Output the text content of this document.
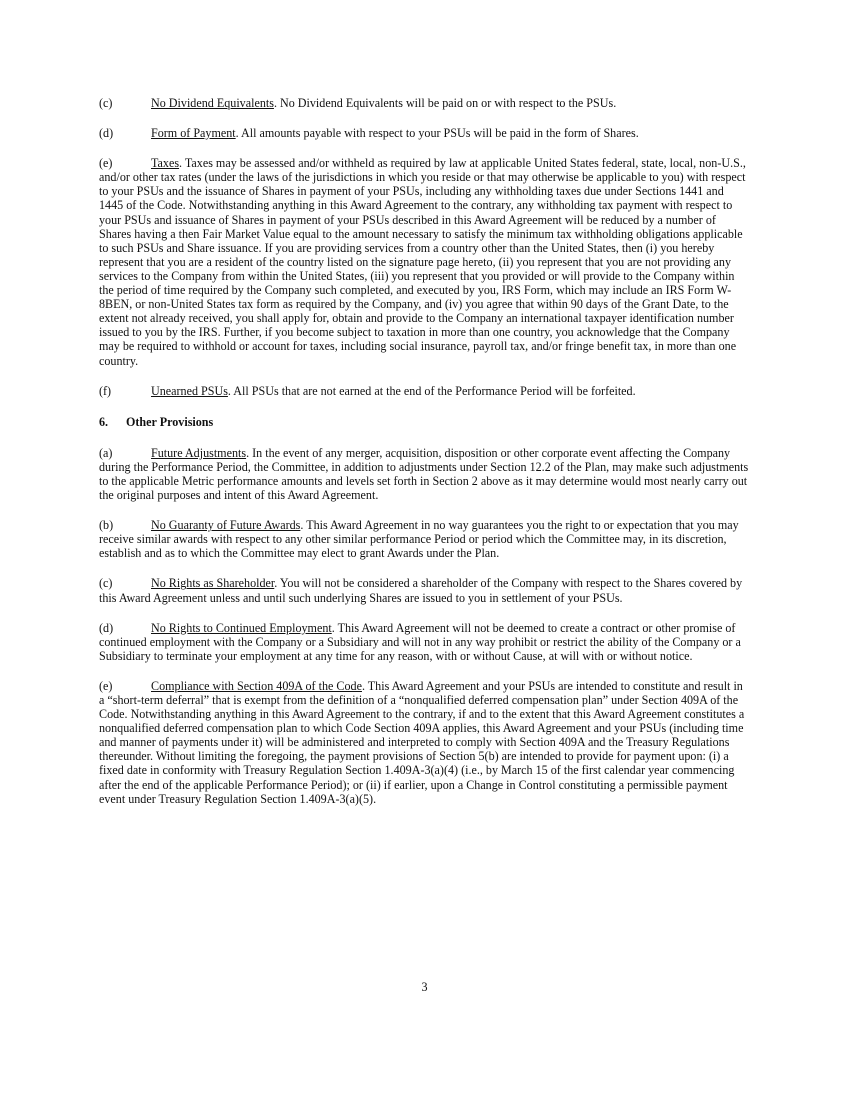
(c)	No Dividend Equivalents. No Dividend Equivalents will be paid on or with respect to the PSUs.

(d)	Form of Payment. All amounts payable with respect to your PSUs will be paid in the form of Shares.

(e)	Taxes. Taxes may be assessed and/or withheld as required by law at applicable United States federal, state, local, non-U.S., and/or other tax rates (under the laws of the jurisdictions in which you reside or that may otherwise be applicable to you) with respect to your PSUs and the issuance of Shares in payment of your PSUs, including any withholding taxes due under Sections 1441 and 1445 of the Code. Notwithstanding anything in this Award Agreement to the contrary, any withholding tax payment with respect to your PSUs and issuance of Shares in payment of your PSUs described in this Award Agreement will be reduced by a number of Shares having a then Fair Market Value equal to the amount necessary to satisfy the minimum tax withholding obligations applicable to such PSUs and Share issuance. If you are providing services from a country other than the United States, then (i) you hereby represent that you are a resident of the country listed on the signature page hereto, (ii) you represent that you are not providing any services to the Company from within the United States, (iii) you represent that you provided or will provide to the Company within the period of time required by the Company such completed, and executed by you, IRS Form, which may include an IRS Form W-8BEN, or non-United States tax form as required by the Company, and (iv) you agree that within 90 days of the Grant Date, to the extent not already received, you shall apply for, obtain and provide to the Company an international taxpayer identification number issued to you by the IRS. Further, if you become subject to taxation in more than one country, you acknowledge that the Company may be required to withhold or account for taxes, including social insurance, payroll tax, and/or fringe benefit tax, in more than one country.

(f)	Unearned PSUs. All PSUs that are not earned at the end of the Performance Period will be forfeited.

6. Other Provisions

(a)	Future Adjustments. In the event of any merger, acquisition, disposition or other corporate event affecting the Company during the Performance Period, the Committee, in addition to adjustments under Section 12.2 of the Plan, may make such adjustments to the applicable Metric performance amounts and levels set forth in Section 2 above as it may determine would most nearly carry out the original purposes and intent of this Award Agreement.

(b)	No Guaranty of Future Awards. This Award Agreement in no way guarantees you the right to or expectation that you may receive similar awards with respect to any other similar performance Period or period which the Committee may, in its discretion, establish and as to which the Committee may elect to grant Awards under the Plan.

(c)	No Rights as Shareholder. You will not be considered a shareholder of the Company with respect to the Shares covered by this Award Agreement unless and until such underlying Shares are issued to you in settlement of your PSUs.

(d)	No Rights to Continued Employment. This Award Agreement will not be deemed to create a contract or other promise of continued employment with the Company or a Subsidiary and will not in any way prohibit or restrict the ability of the Company or a Subsidiary to terminate your employment at any time for any reason, with or without Cause, at will with or without notice.

(e)	Compliance with Section 409A of the Code. This Award Agreement and your PSUs are intended to constitute and result in a “short-term deferral” that is exempt from the definition of a “nonqualified deferred compensation plan” under Section 409A of the Code. Notwithstanding anything in this Award Agreement to the contrary, if and to the extent that this Award Agreement constitutes a nonqualified deferred compensation plan to which Code Section 409A applies, this Award Agreement and your PSUs (including time and manner of payments under it) will be administered and interpreted to comply with Section 409A and the Treasury Regulations thereunder. Without limiting the foregoing, the payment provisions of Section 5(b) are intended to provide for payment upon: (i) a fixed date in conformity with Treasury Regulation Section 1.409A-3(a)(4) (i.e., by March 15 of the first calendar year commencing after the end of the applicable Performance Period); or (ii) if earlier, upon a Change in Control constituting a permissible payment event under Treasury Regulation Section 1.409A-3(a)(5).

3
